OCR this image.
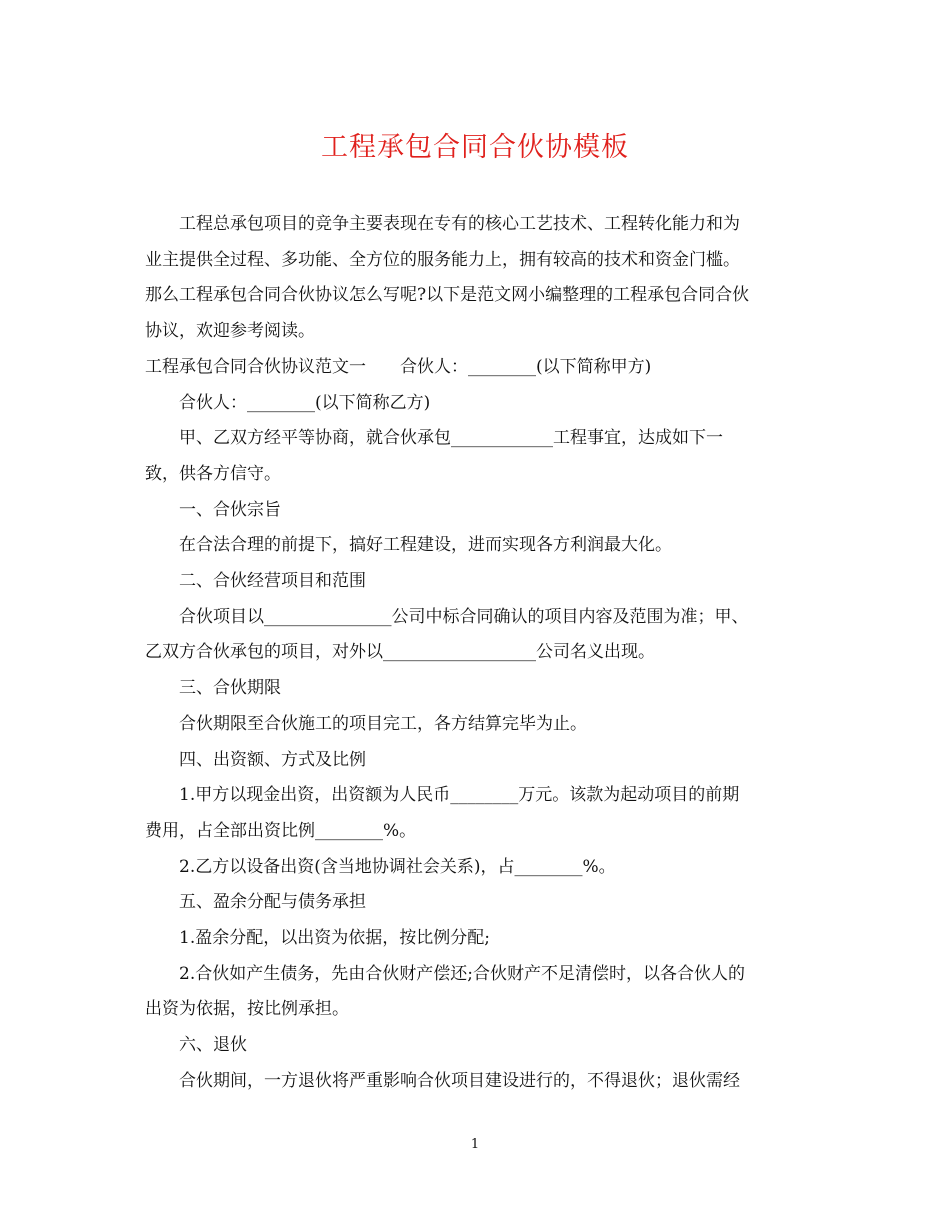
工程承包合同合伙协模板

工程总承包项目的竞争主要表现在专有的核心工艺技术、工程转化能力和为

业主提供全过程、多功能、全方位的服务能力上，拥有较高的技术和资金门槛。

那么工程承包合同合伙协议怎么写呢?以下是范文网小编整理的工程承包合同合伙

协议，欢迎参考阅读。

工程承包合同合伙协议范文一　　合伙人：________(以下简称甲方)

合伙人：________(以下简称乙方)

甲、乙双方经平等协商，就合伙承包____________工程事宜，达成如下一

致，供各方信守。

一、合伙宗旨

在合法合理的前提下，搞好工程建设，进而实现各方利润最大化。

二、合伙经营项目和范围

合伙项目以_______________公司中标合同确认的项目内容及范围为准；甲、

乙双方合伙承包的项目，对外以__________________公司名义出现。

三、合伙期限

合伙期限至合伙施工的项目完工，各方结算完毕为止。

四、出资额、方式及比例

1.甲方以现金出资，出资额为人民币________万元。该款为起动项目的前期

费用，占全部出资比例________%。

2.乙方以设备出资(含当地协调社会关系)，占________%。

五、盈余分配与债务承担

1.盈余分配，以出资为依据，按比例分配;

2.合伙如产生债务，先由合伙财产偿还;合伙财产不足清偿时，以各合伙人的

出资为依据，按比例承担。

六、退伙

合伙期间，一方退伙将严重影响合伙项目建设进行的，不得退伙；退伙需经

1
